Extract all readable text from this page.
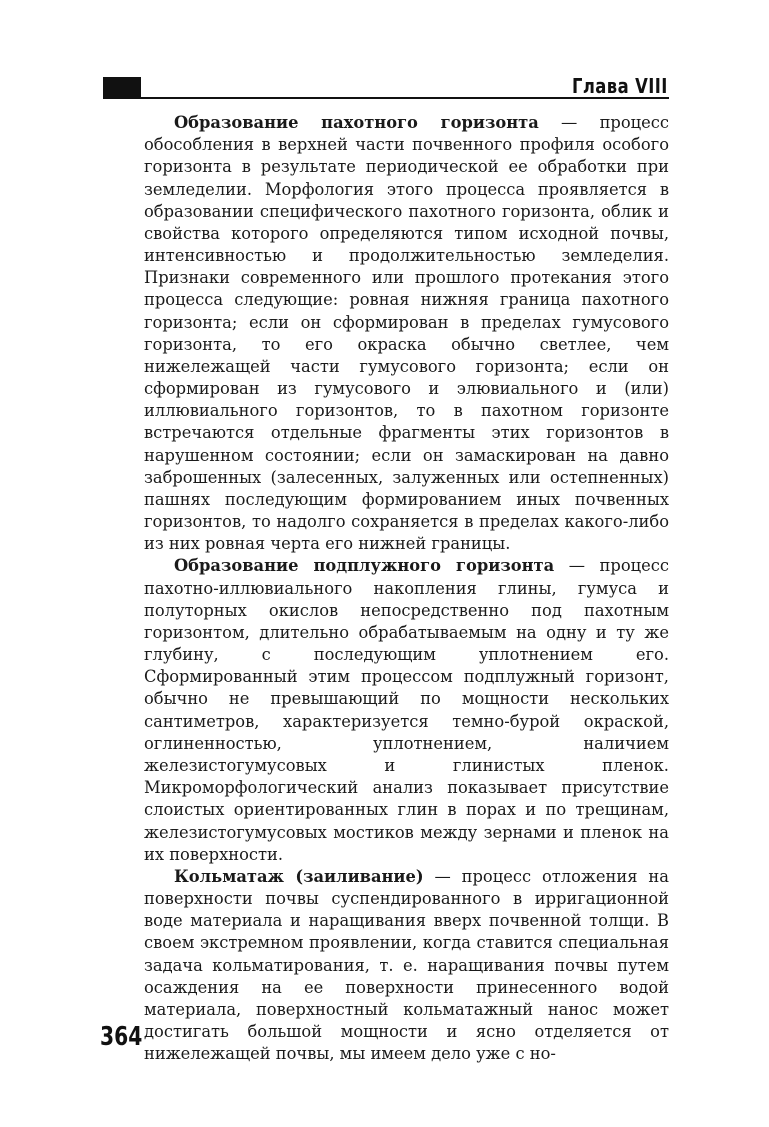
Глава VIII

Образование пахотного горизонта — процесс обособления в верхней части почвенного профиля особого горизонта в результате периодической ее обработки при земледелии. Морфология этого процесса проявляется в образовании специфического пахотного горизонта, облик и свойства которого определяются типом исходной почвы, интенсивностью и продолжительностью земледелия. Признаки современного или прошлого протекания этого процесса следующие: ровная нижняя граница пахотного горизонта; если он сформирован в пределах гумусового горизонта, то его окраска обычно светлее, чем нижележащей части гумусового горизонта; если он сформирован из гумусового и элювиального и (или) иллювиального горизонтов, то в пахотном горизонте встречаются отдельные фрагменты этих горизонтов в нарушенном состоянии; если он замаскирован на давно заброшенных (залесенных, залуженных или остепненных) пашнях последующим формированием иных почвенных горизонтов, то надолго сохраняется в пределах какого-либо из них ровная черта его нижней границы.

Образование подплужного горизонта — процесс пахотно-иллювиального накопления глины, гумуса и полуторных окислов непосредственно под пахотным горизонтом, длительно обрабатываемым на одну и ту же глубину, с последующим уплотнением его. Сформированный этим процессом подплужный горизонт, обычно не превышающий по мощности нескольких сантиметров, характеризуется темно-бурой окраской, оглиненностью, уплотнением, наличием железистогумусовых и глинистых пленок. Микроморфологический анализ показывает присутствие слоистых ориентированных глин в порах и по трещинам, железистогумусовых мостиков между зернами и пленок на их поверхности.

Кольматаж (заиливание) — процесс отложения на поверхности почвы суспендированного в ирригационной воде материала и наращивания вверх почвенной толщи. В своем экстремном проявлении, когда ставится специальная задача кольматирования, т. е. наращивания почвы путем осаждения на ее поверхности принесенного водой материала, поверхностный кольматажный нанос может достигать большой мощности и ясно отделяется от нижележащей почвы, мы имеем дело уже с но-

364
